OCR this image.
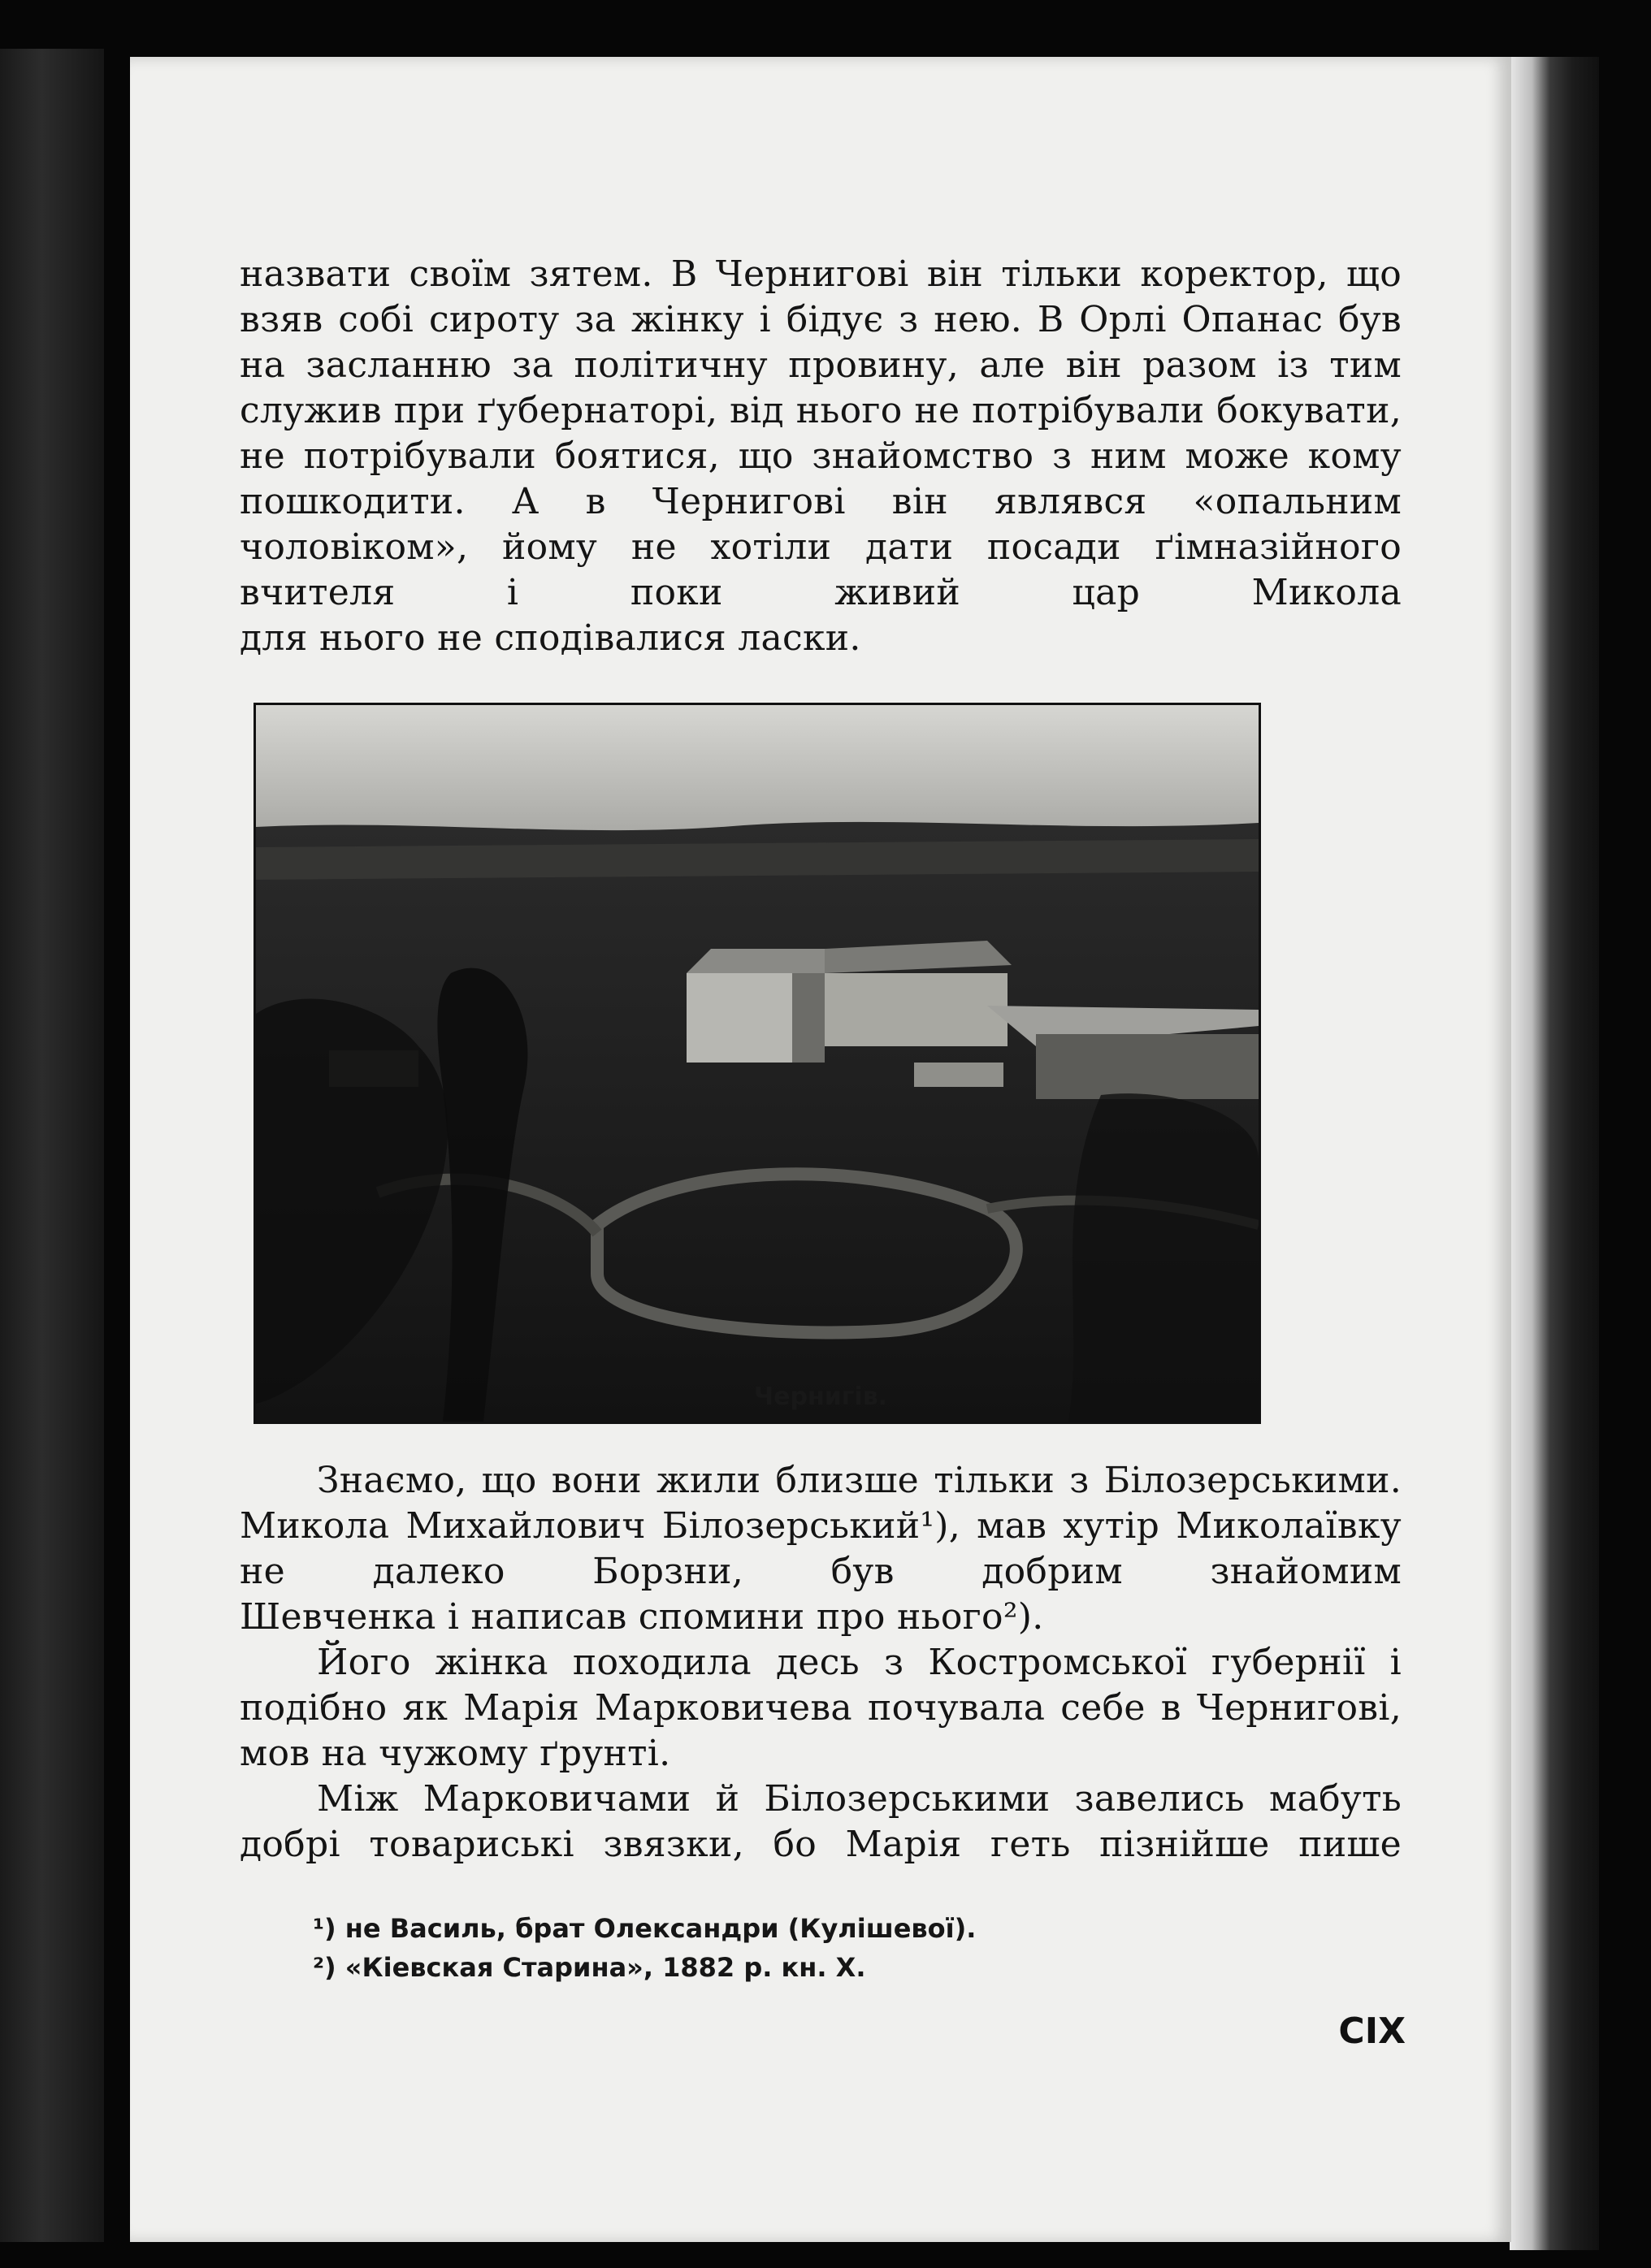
назвати своїм зятем. В Чернигові він тільки коректор, що взяв собі сироту за жінку і бідує з нею. В Орлі Опанас був на засланню за політичну провину, але він разом із тим служив при ґубернаторі, від нього не потрібували бокувати, не потрібували боятися, що знайомство з ним може кому пошкодити. А в Чернигові він являвся «опальним чоловіком», йому не хотіли дати посади ґімназійного вчителя і поки живий цар Микола

для нього не сподівалися ласки.

Чернигів.

Знаємо, що вони жили близше тільки з Білозерськими. Микола Михайлович Білозерський¹), мав хутір Миколаївку не далеко Борзни, був добрим знайомим

Шевченка і написав спомини про нього²).

Його жінка походила десь з Костромської губернії і подібно як Марія Марковичева почувала себе в Чернигові,

мов на чужому ґрунті.

Між Марковичами й Білозерськими завелись мабуть добрі товариські звязки, бо Марія геть пізнійше пише

¹) не Василь, брат Олександри (Кулішевої).

²) «Кіевская Старина», 1882 р. кн. X.

CIX
